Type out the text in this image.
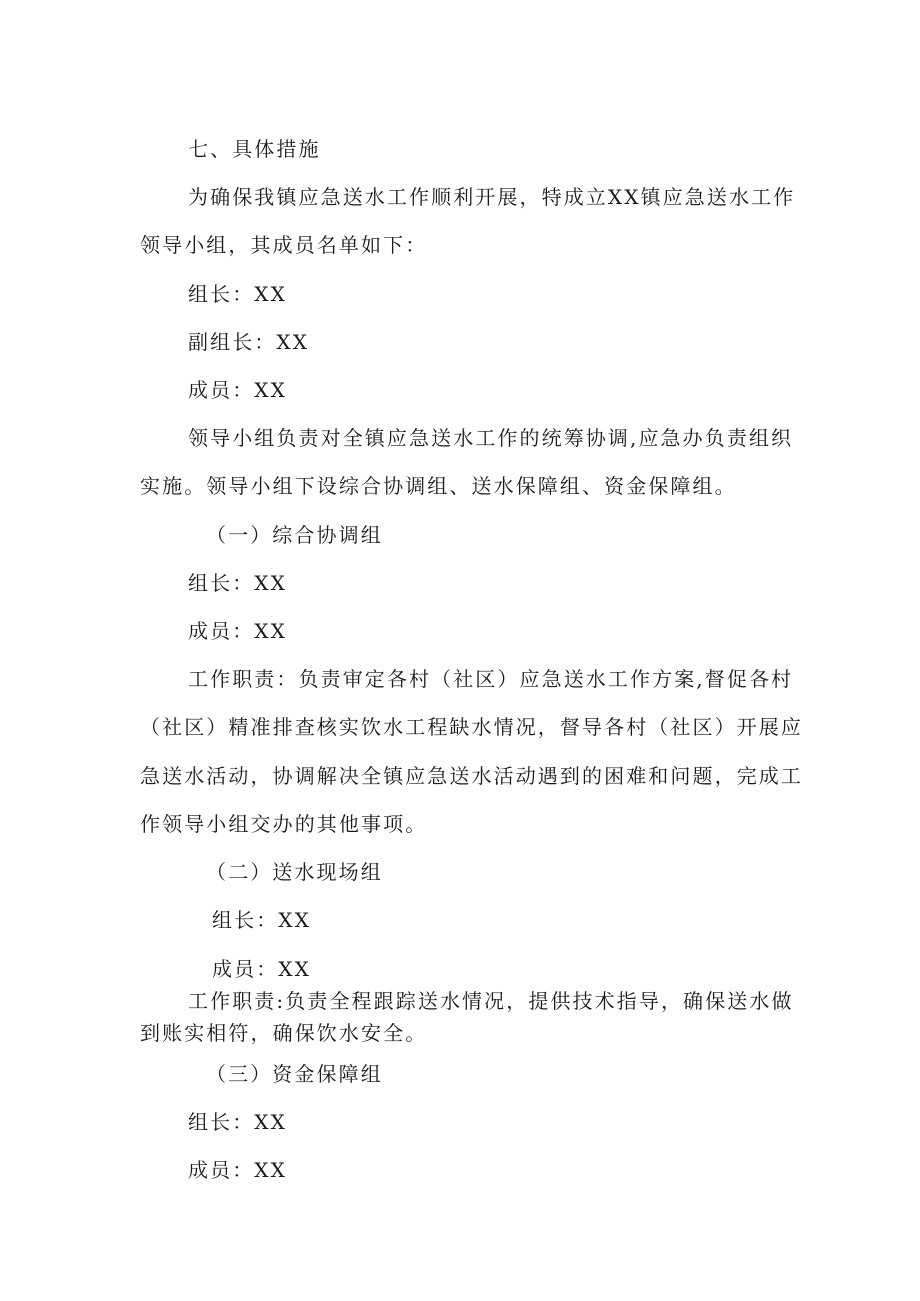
七、具体措施
为确保我镇应急送水工作顺利开展，特成立XX镇应急送水工作
领导小组，其成员名单如下：
组长：XX
副组长：XX
成员：XX
领导小组负责对全镇应急送水工作的统筹协调,应急办负责组织
实施。领导小组下设综合协调组、送水保障组、资金保障组。
（一）综合协调组
组长：XX
成员：XX
工作职责：负责审定各村（社区）应急送水工作方案,督促各村
（社区）精准排查核实饮水工程缺水情况，督导各村（社区）开展应
急送水活动，协调解决全镇应急送水活动遇到的困难和问题，完成工
作领导小组交办的其他事项。
（二）送水现场组
组长：XX
成员：XX
工作职责:负责全程跟踪送水情况，提供技术指导，确保送水做
到账实相符，确保饮水安全。
（三）资金保障组
组长：XX
成员：XX
